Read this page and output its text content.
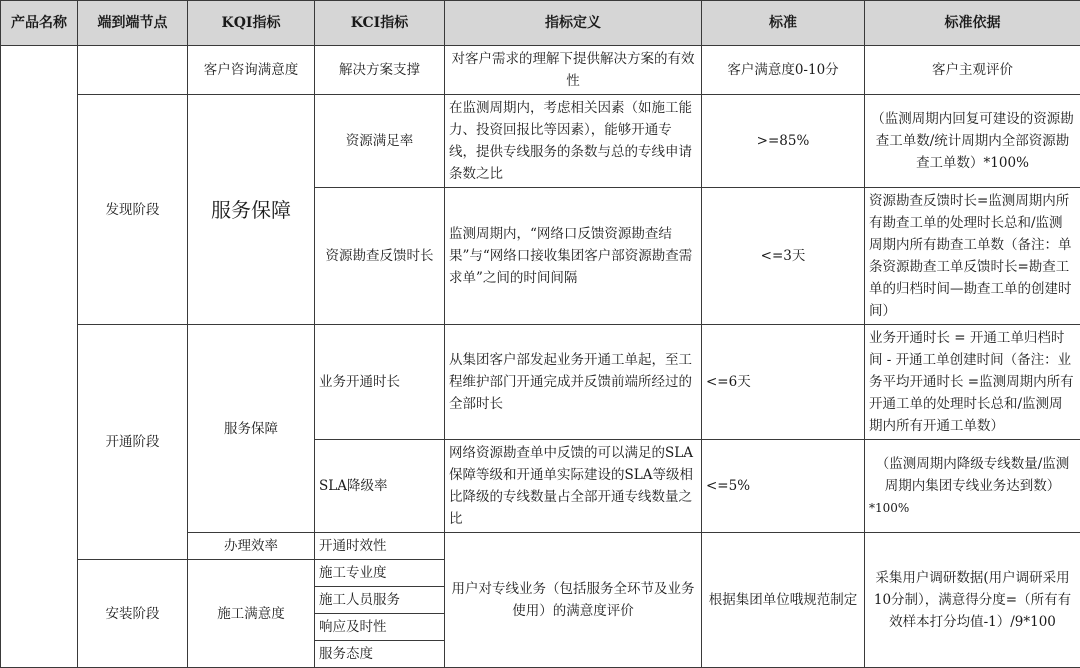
产品名称	端到端节点	KQI指标	KCI指标	指标定义	标准	标准依据
		客户咨询满意度	解决方案支撑	对客户需求的理解下提供解决方案的有效性	客户满意度0-10分	客户主观评价
	发现阶段	服务保障	资源满足率	在监测周期内，考虑相关因素（如施工能力、投资回报比等因素），能够开通专线，提供专线服务的条数与总的专线申请条数之比	>=85%	（监测周期内回复可建设的资源勘查工单数/统计周期内全部资源勘查工单数）*100%
			资源勘查反馈时长	监测周期内，“网络口反馈资源勘查结果”与“网络口接收集团客户部资源勘查需求单”之间的时间间隔	<=3天	资源勘查反馈时长=监测周期内所有勘查工单的处理时长总和/监测周期内所有勘查工单数（备注：单条资源勘查工单反馈时长=勘查工单的归档时间—勘查工单的创建时间）
	开通阶段	服务保障	业务开通时长	从集团客户部发起业务开通工单起，至工程维护部门开通完成并反馈前端所经过的全部时长	<=6天	业务开通时长 = 开通工单归档时间 - 开通工单创建时间（备注：业务平均开通时长 =监测周期内所有开通工单的处理时长总和/监测周期内所有开通工单数）
			SLA降级率	网络资源勘查单中反馈的可以满足的SLA保障等级和开通单实际建设的SLA等级相比降级的专线数量占全部开通专线数量之比	<=5%	（监测周期内降级专线数量/监测周期内集团专线业务达到数）
*100%

		办理效率	开通时效性	用户对专线业务（包括服务全环节及业务使用）的满意度评价	根据集团单位哦规范制定	采集用户调研数据(用户调研采用10分制），满意得分度=（所有有效样本打分均值-1）/9*100
	安装阶段	施工满意度	施工专业度			
			施工人员服务			
			响应及时性			
			服务态度			
